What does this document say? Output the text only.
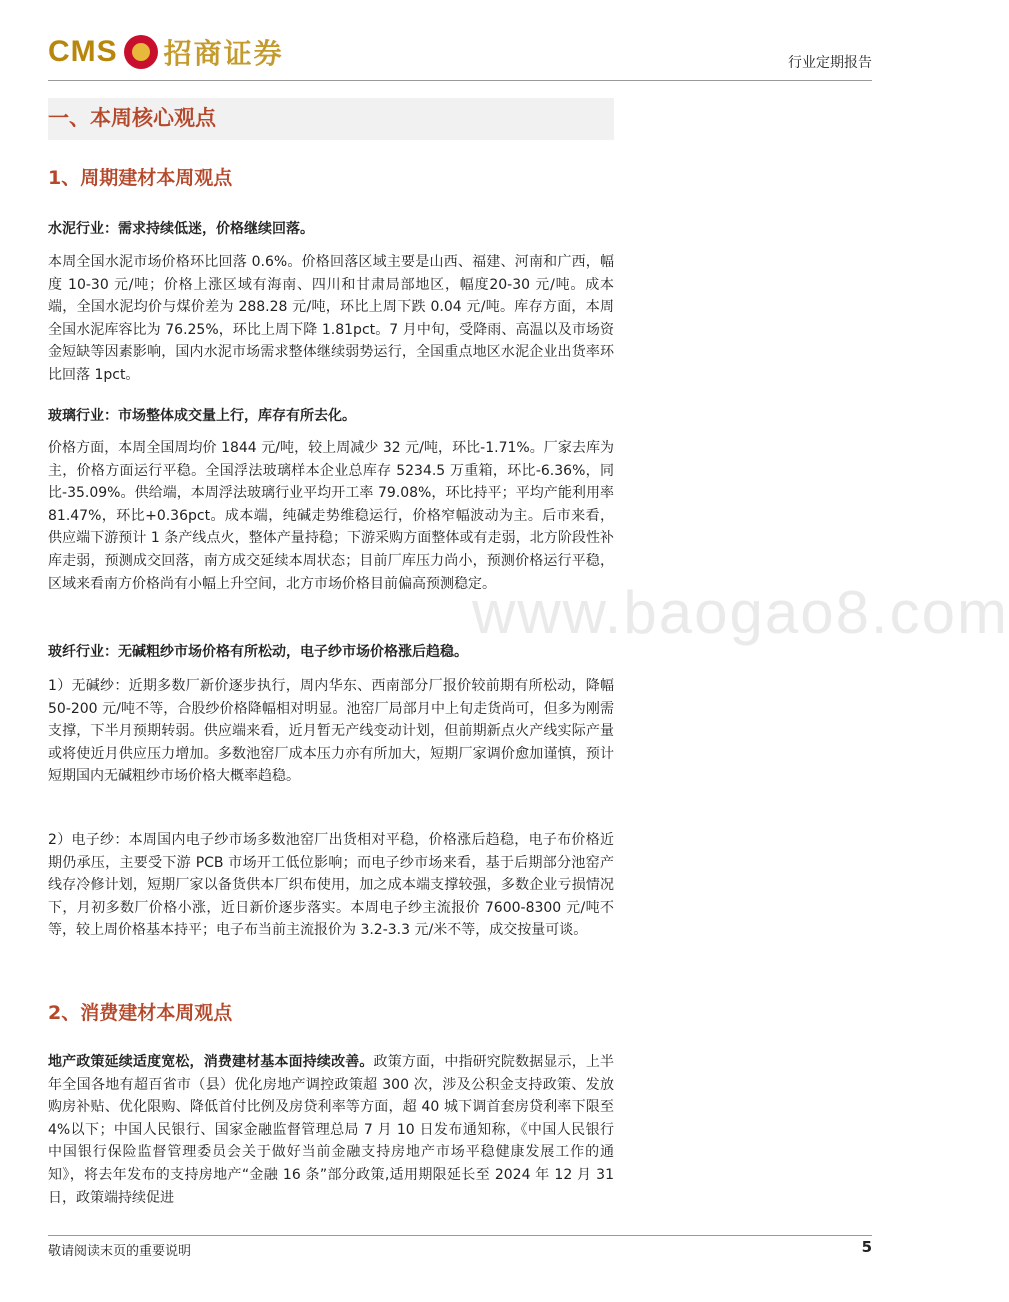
CMS 招商证券	行业定期报告
一、本周核心观点
1、周期建材本周观点

水泥行业：需求持续低迷，价格继续回落。

本周全国水泥市场价格环比回落 0.6%。价格回落区域主要是山西、福建、河南和广西，幅度 10-30 元/吨；价格上涨区域有海南、四川和甘肃局部地区，幅度20-30 元/吨。成本端，全国水泥均价与煤价差为 288.28 元/吨，环比上周下跌 0.04 元/吨。库存方面，本周全国水泥库容比为 76.25%，环比上周下降 1.81pct。7 月中旬，受降雨、高温以及市场资金短缺等因素影响，国内水泥市场需求整体继续弱势运行，全国重点地区水泥企业出货率环比回落 1pct。

玻璃行业：市场整体成交量上行，库存有所去化。

价格方面，本周全国周均价 1844 元/吨，较上周减少 32 元/吨，环比-1.71%。厂家去库为主，价格方面运行平稳。全国浮法玻璃样本企业总库存 5234.5 万重箱，环比-6.36%，同比-35.09%。供给端，本周浮法玻璃行业平均开工率 79.08%，环比持平；平均产能利用率 81.47%，环比+0.36pct。成本端，纯碱走势维稳运行，价格窄幅波动为主。后市来看，供应端下游预计 1 条产线点火，整体产量持稳；下游采购方面整体或有走弱，北方阶段性补库走弱，预测成交回落，南方成交延续本周状态；目前厂库压力尚小，预测价格运行平稳，区域来看南方价格尚有小幅上升空间，北方市场价格目前偏高预测稳定。

玻纤行业：无碱粗纱市场价格有所松动，电子纱市场价格涨后趋稳。

1）无碱纱：近期多数厂新价逐步执行，周内华东、西南部分厂报价较前期有所松动，降幅 50-200 元/吨不等，合股纱价格降幅相对明显。池窑厂局部月中上旬走货尚可，但多为刚需支撑，下半月预期转弱。供应端来看，近月暂无产线变动计划，但前期新点火产线实际产量或将使近月供应压力增加。多数池窑厂成本压力亦有所加大，短期厂家调价愈加谨慎，预计短期国内无碱粗纱市场价格大概率趋稳。

2）电子纱：本周国内电子纱市场多数池窑厂出货相对平稳，价格涨后趋稳，电子布价格近期仍承压，主要受下游 PCB 市场开工低位影响；而电子纱市场来看，基于后期部分池窑产线存冷修计划，短期厂家以备货供本厂织布使用，加之成本端支撑较强，多数企业亏损情况下，月初多数厂价格小涨，近日新价逐步落实。本周电子纱主流报价 7600-8300 元/吨不等，较上周价格基本持平；电子布当前主流报价为 3.2-3.3 元/米不等，成交按量可谈。

2、消费建材本周观点

地产政策延续适度宽松，消费建材基本面持续改善。政策方面，中指研究院数据显示，上半年全国各地有超百省市（县）优化房地产调控政策超 300 次，涉及公积金支持政策、发放购房补贴、优化限购、降低首付比例及房贷利率等方面，超 40 城下调首套房贷利率下限至 4%以下；中国人民银行、国家金融监督管理总局 7 月 10 日发布通知称，《中国人民银行 中国银行保险监督管理委员会关于做好当前金融支持房地产市场平稳健康发展工作的通知》，将去年发布的支持房地产“金融 16 条”部分政策,适用期限延长至 2024 年 12 月 31 日，政策端持续促进

www.baogao8.com
敬请阅读末页的重要说明	5
